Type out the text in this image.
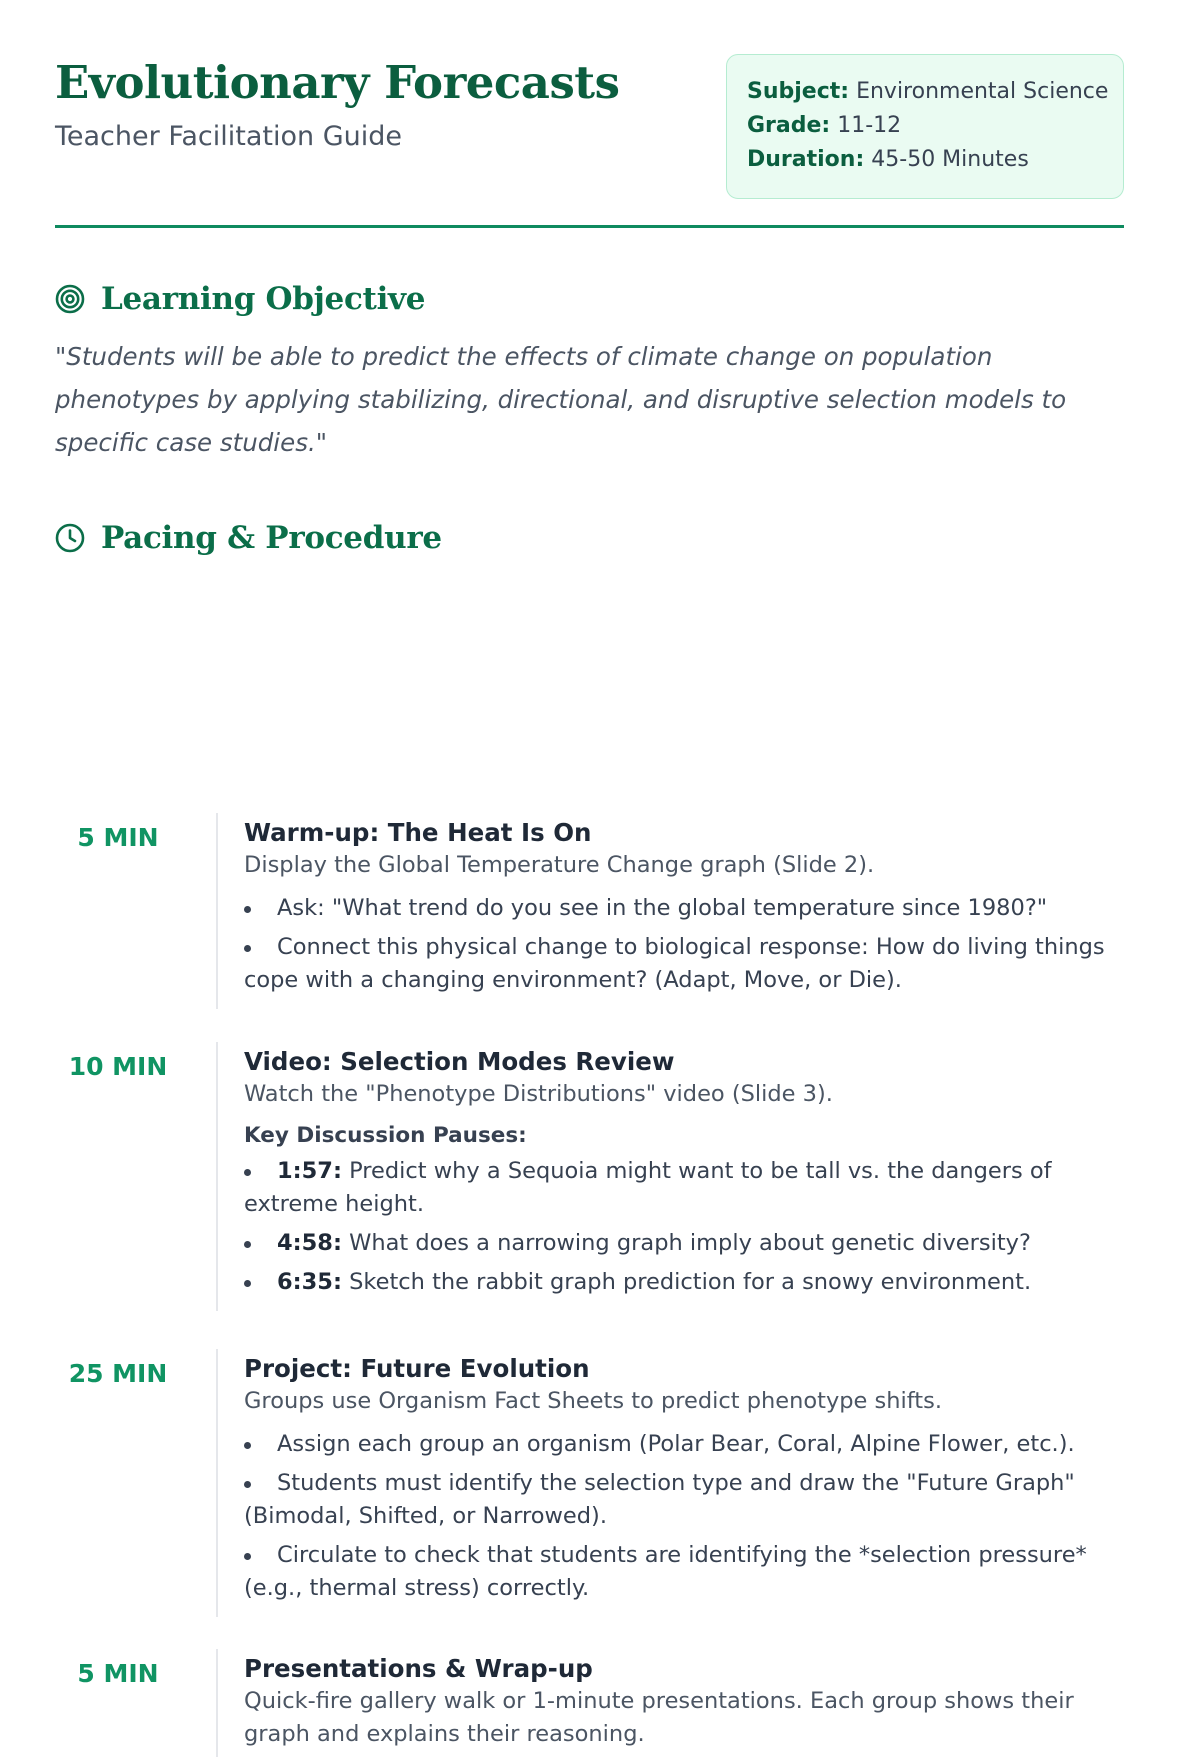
Evolutionary Forecasts

Teacher Facilitation Guide

Subject: Environmental Science
Grade: 11-12
Duration: 45-50 Minutes
Learning Objective

"Students will be able to predict the effects of climate change on population phenotypes by applying stabilizing, directional, and disruptive selection models to specific case studies."

Pacing & Procedure
5 MIN	Warm-up: The Heat Is On

Display the Global Temperature Change graph (Slide 2).

Ask: "What trend do you see in the global temperature since 1980?"
Connect this physical change to biological response: How do living things cope with a changing environment? (Adapt, Move, or Die).
10 MIN	Video: Selection Modes Review

Watch the "Phenotype Distributions" video (Slide 3).

Key Discussion Pauses:

1:57: Predict why a Sequoia might want to be tall vs. the dangers of extreme height.
4:58: What does a narrowing graph imply about genetic diversity?
6:35: Sketch the rabbit graph prediction for a snowy environment.
25 MIN	Project: Future Evolution

Groups use Organism Fact Sheets to predict phenotype shifts.

Assign each group an organism (Polar Bear, Coral, Alpine Flower, etc.).
Students must identify the selection type and draw the "Future Graph" (Bimodal, Shifted, or Narrowed).
Circulate to check that students are identifying the *selection pressure* (e.g., thermal stress) correctly.
5 MIN	Presentations & Wrap-up

Quick-fire gallery walk or 1-minute presentations. Each group shows their graph and explains their reasoning.
